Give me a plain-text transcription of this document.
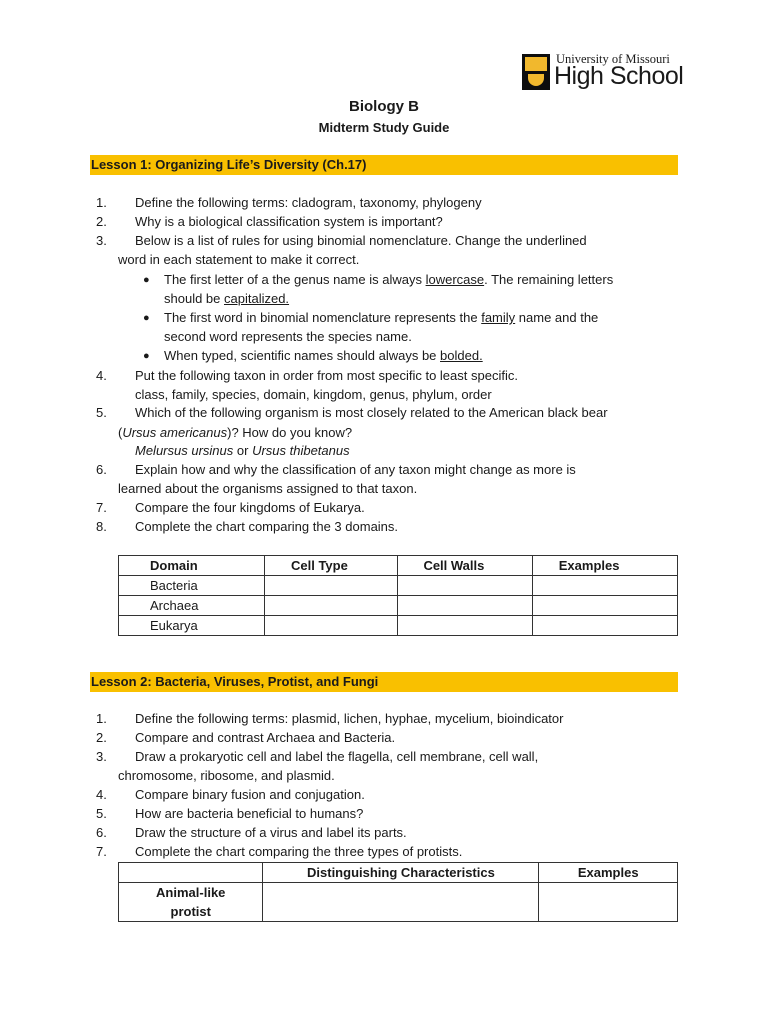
University of Missouri
High School
Biology B
Midterm Study Guide
Lesson 1: Organizing Life’s Diversity (Ch.17)
1. Define the following terms: cladogram, taxonomy, phylogeny
2. Why is a biological classification system is important?
3. Below is a list of rules for using binomial nomenclature. Change the underlined
word in each statement to make it correct.
● The first letter of a the genus name is always lowercase. The remaining letters
should be capitalized.
● The first word in binomial nomenclature represents the family name and the
second word represents the species name.
● When typed, scientific names should always be bolded.
4. Put the following taxon in order from most specific to least specific.
class, family, species, domain, kingdom, genus, phylum, order
5. Which of the following organism is most closely related to the American black bear
(Ursus americanus)? How do you know?
Melursus ursinus or Ursus thibetanus
6. Explain how and why the classification of any taxon might change as more is
learned about the organisms assigned to that taxon.
7. Compare the four kingdoms of Eukarya.
8. Complete the chart comparing the 3 domains.
Domain	Cell Type	Cell Walls	Examples
Bacteria			
Archaea			
Eukarya			
Lesson 2: Bacteria, Viruses, Protist, and Fungi
1. Define the following terms: plasmid, lichen, hyphae, mycelium, bioindicator
2. Compare and contrast Archaea and Bacteria.
3. Draw a prokaryotic cell and label the flagella, cell membrane, cell wall,
chromosome, ribosome, and plasmid.
4. Compare binary fusion and conjugation.
5. How are bacteria beneficial to humans?
6. Draw the structure of a virus and label its parts.
7. Complete the chart comparing the three types of protists.
	Distinguishing Characteristics	Examples

Animal-like
protist		
